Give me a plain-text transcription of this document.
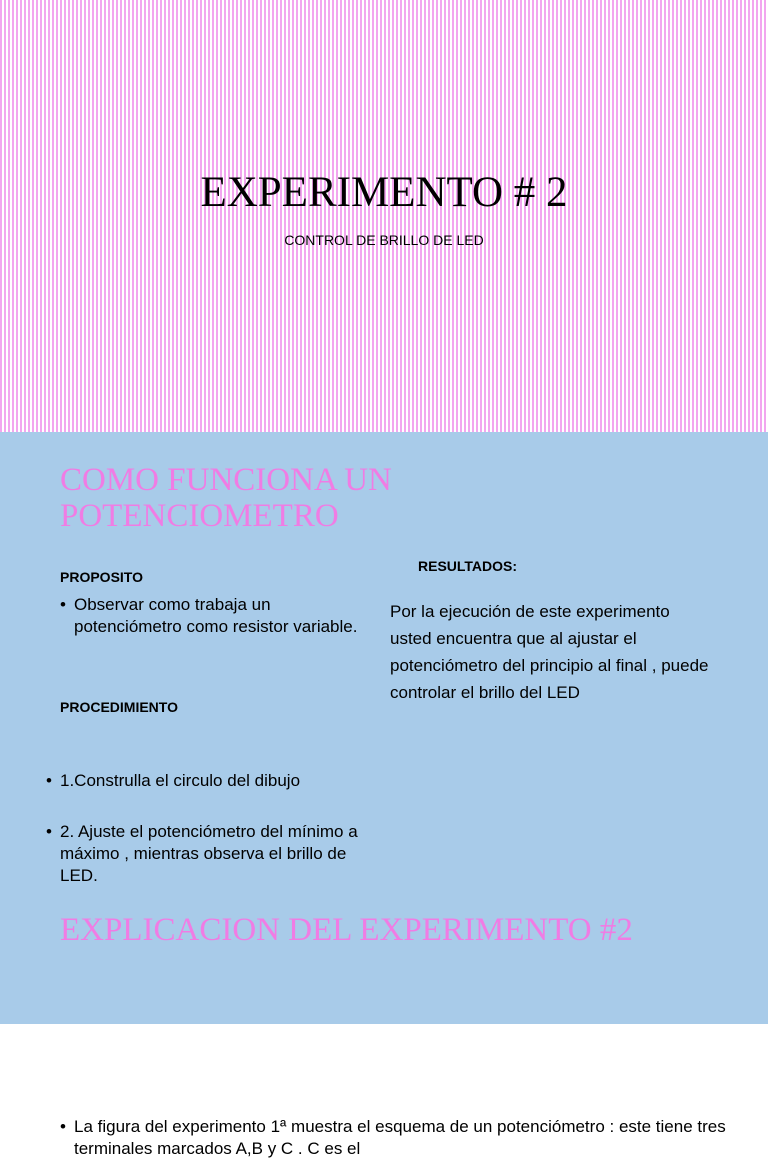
EXPERIMENTO # 2
CONTROL DE BRILLO DE LED
COMO FUNCIONA UN POTENCIOMETRO
PROPOSITO
• Observar como trabaja un potenciómetro como resistor variable.
PROCEDIMIENTO
• 1.Construlla el circulo del dibujo
• 2. Ajuste el potenciómetro del mínimo a máximo , mientras observa el brillo de LED.
RESULTADOS:
Por la ejecución de este experimento usted encuentra que al ajustar el potenciómetro del principio al final , puede controlar el brillo del LED
EXPLICACION DEL EXPERIMENTO #2
• La figura del experimento 1ª muestra el esquema de un potenciómetro : este tiene tres terminales marcados A,B y C . C es el
